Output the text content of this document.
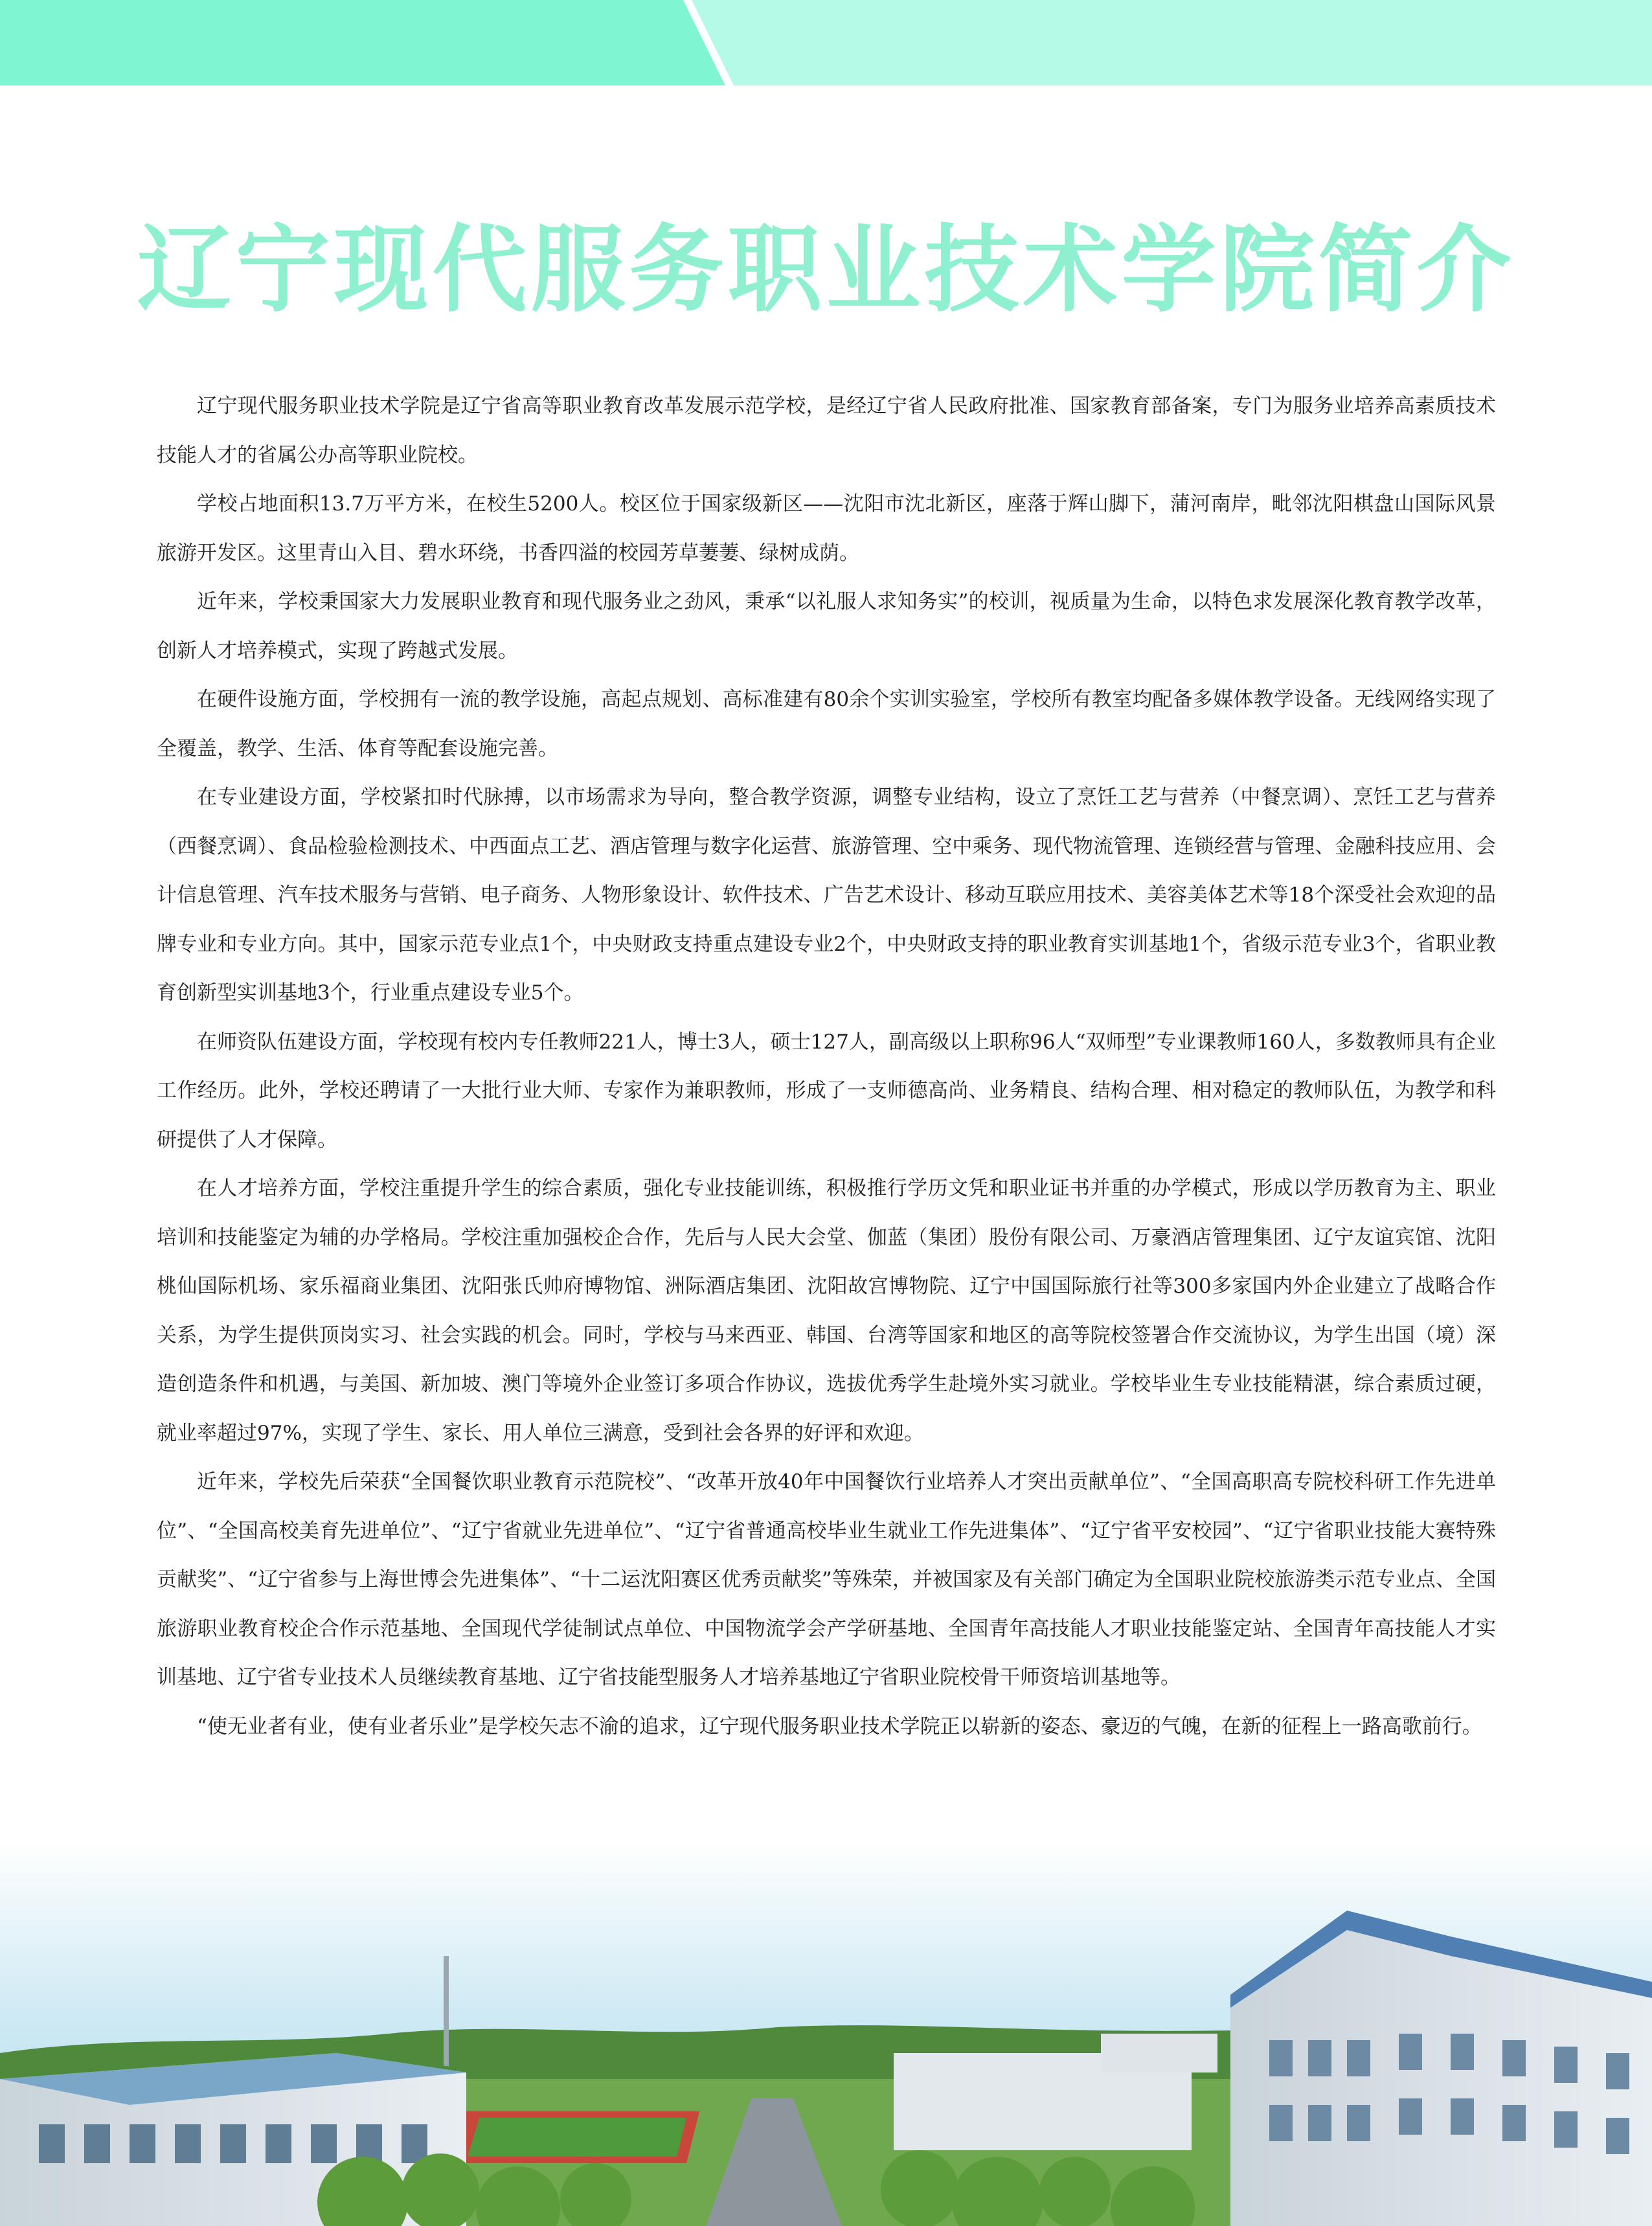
辽宁现代服务职业技术学院简介

辽宁现代服务职业技术学院是辽宁省高等职业教育改革发展示范学校，是经辽宁省人民政府批准、国家教育部备案，专门为服务业培养高素质技术技能人才的省属公办高等职业院校。

学校占地面积13.7万平方米，在校生5200人。校区位于国家级新区——沈阳市沈北新区，座落于辉山脚下，蒲河南岸，毗邻沈阳棋盘山国际风景旅游开发区。这里青山入目、碧水环绕，书香四溢的校园芳草萋萋、绿树成荫。

近年来，学校秉国家大力发展职业教育和现代服务业之劲风，秉承“以礼服人求知务实”的校训，视质量为生命，以特色求发展深化教育教学改革，创新人才培养模式，实现了跨越式发展。

在硬件设施方面，学校拥有一流的教学设施，高起点规划、高标准建有80余个实训实验室，学校所有教室均配备多媒体教学设备。无线网络实现了全覆盖，教学、生活、体育等配套设施完善。

在专业建设方面，学校紧扣时代脉搏，以市场需求为导向，整合教学资源，调整专业结构，设立了烹饪工艺与营养（中餐烹调）、烹饪工艺与营养（西餐烹调）、食品检验检测技术、中西面点工艺、酒店管理与数字化运营、旅游管理、空中乘务、现代物流管理、连锁经营与管理、金融科技应用、会计信息管理、汽车技术服务与营销、电子商务、人物形象设计、软件技术、广告艺术设计、移动互联应用技术、美容美体艺术等18个深受社会欢迎的品牌专业和专业方向。其中，国家示范专业点1个，中央财政支持重点建设专业2个，中央财政支持的职业教育实训基地1个，省级示范专业3个，省职业教育创新型实训基地3个，行业重点建设专业5个。

在师资队伍建设方面，学校现有校内专任教师221人，博士3人，硕士127人，副高级以上职称96人“双师型”专业课教师160人，多数教师具有企业工作经历。此外，学校还聘请了一大批行业大师、专家作为兼职教师，形成了一支师德高尚、业务精良、结构合理、相对稳定的教师队伍，为教学和科研提供了人才保障。

在人才培养方面，学校注重提升学生的综合素质，强化专业技能训练，积极推行学历文凭和职业证书并重的办学模式，形成以学历教育为主、职业培训和技能鉴定为辅的办学格局。学校注重加强校企合作，先后与人民大会堂、伽蓝（集团）股份有限公司、万豪酒店管理集团、辽宁友谊宾馆、沈阳桃仙国际机场、家乐福商业集团、沈阳张氏帅府博物馆、洲际酒店集团、沈阳故宫博物院、辽宁中国国际旅行社等300多家国内外企业建立了战略合作关系，为学生提供顶岗实习、社会实践的机会。同时，学校与马来西亚、韩国、台湾等国家和地区的高等院校签署合作交流协议，为学生出国（境）深造创造条件和机遇，与美国、新加坡、澳门等境外企业签订多项合作协议，选拔优秀学生赴境外实习就业。学校毕业生专业技能精湛，综合素质过硬，就业率超过97%，实现了学生、家长、用人单位三满意，受到社会各界的好评和欢迎。

近年来，学校先后荣获“全国餐饮职业教育示范院校”、“改革开放40年中国餐饮行业培养人才突出贡献单位”、“全国高职高专院校科研工作先进单位”、“全国高校美育先进单位”、“辽宁省就业先进单位”、“辽宁省普通高校毕业生就业工作先进集体”、“辽宁省平安校园”、“辽宁省职业技能大赛特殊贡献奖”、“辽宁省参与上海世博会先进集体”、“十二运沈阳赛区优秀贡献奖”等殊荣，并被国家及有关部门确定为全国职业院校旅游类示范专业点、全国旅游职业教育校企合作示范基地、全国现代学徒制试点单位、中国物流学会产学研基地、全国青年高技能人才职业技能鉴定站、全国青年高技能人才实训基地、辽宁省专业技术人员继续教育基地、辽宁省技能型服务人才培养基地辽宁省职业院校骨干师资培训基地等。

“使无业者有业，使有业者乐业”是学校矢志不渝的追求，辽宁现代服务职业技术学院正以崭新的姿态、豪迈的气魄，在新的征程上一路高歌前行。
